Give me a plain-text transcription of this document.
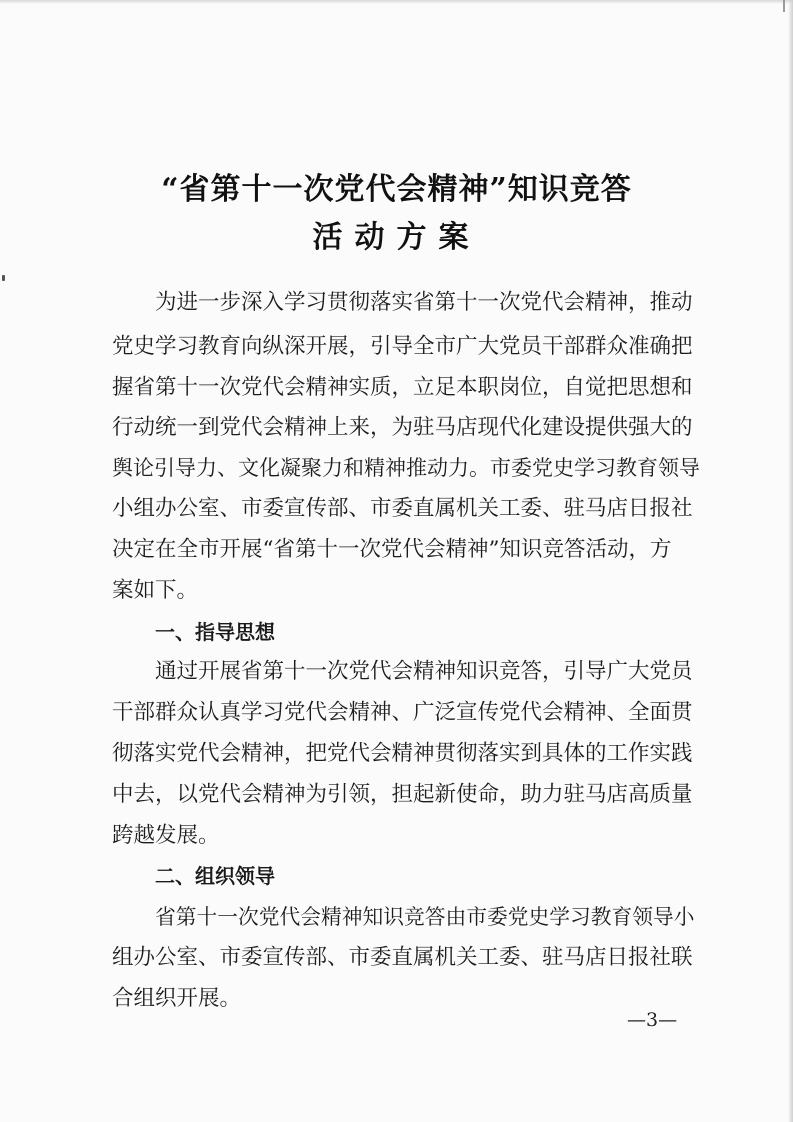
“省第十一次党代会精神”知识竞答
活动方案
为进一步深入学习贯彻落实省第十一次党代会精神，推动
党史学习教育向纵深开展，引导全市广大党员干部群众准确把
握省第十一次党代会精神实质，立足本职岗位，自觉把思想和
行动统一到党代会精神上来，为驻马店现代化建设提供强大的
舆论引导力、文化凝聚力和精神推动力。市委党史学习教育领导
小组办公室、市委宣传部、市委直属机关工委、驻马店日报社
决定在全市开展“省第十一次党代会精神”知识竞答活动，方
案如下。
一、指导思想
通过开展省第十一次党代会精神知识竞答，引导广大党员
干部群众认真学习党代会精神、广泛宣传党代会精神、全面贯
彻落实党代会精神，把党代会精神贯彻落实到具体的工作实践
中去，以党代会精神为引领，担起新使命，助力驻马店高质量
跨越发展。
二、组织领导
省第十一次党代会精神知识竞答由市委党史学习教育领导小
组办公室、市委宣传部、市委直属机关工委、驻马店日报社联
合组织开展。
—3—
